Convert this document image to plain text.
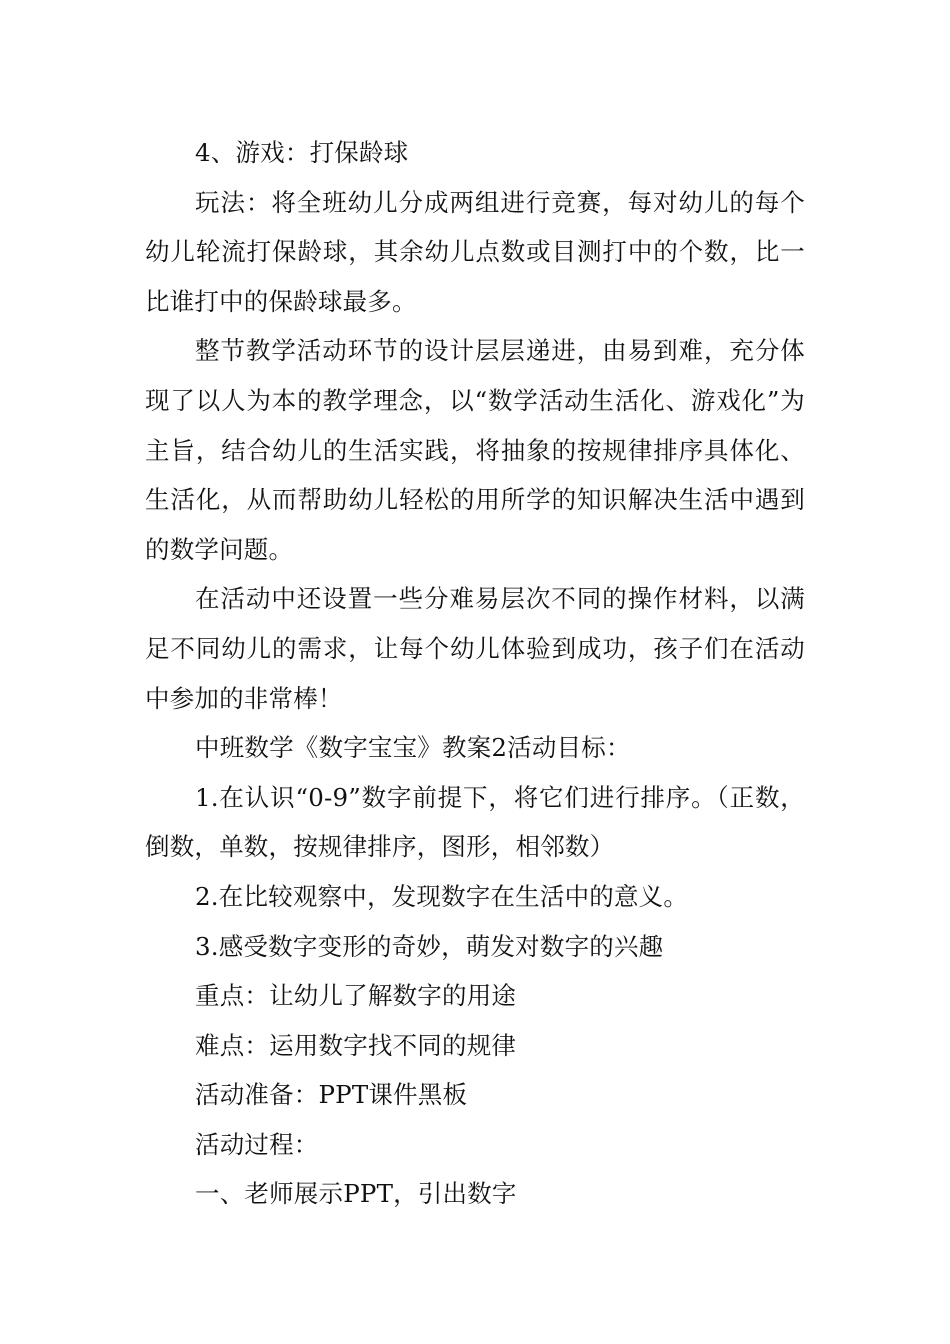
4、游戏：打保龄球

玩法：将全班幼儿分成两组进行竞赛，每对幼儿的每个幼儿轮流打保龄球，其余幼儿点数或目测打中的个数，比一比谁打中的保龄球最多。

整节教学活动环节的设计层层递进，由易到难，充分体现了以人为本的教学理念，以“数学活动生活化、游戏化”为主旨，结合幼儿的生活实践，将抽象的按规律排序具体化、生活化，从而帮助幼儿轻松的用所学的知识解决生活中遇到的数学问题。

在活动中还设置一些分难易层次不同的操作材料，以满足不同幼儿的需求，让每个幼儿体验到成功，孩子们在活动中参加的非常棒！

中班数学《数字宝宝》教案2活动目标：

1.在认识“0-9”数字前提下，将它们进行排序。（正数，倒数，单数，按规律排序，图形，相邻数）

2.在比较观察中，发现数字在生活中的意义。

3.感受数字变形的奇妙，萌发对数字的兴趣

重点：让幼儿了解数字的用途

难点：运用数字找不同的规律

活动准备：PPT课件黑板

活动过程：

一、老师展示PPT，引出数字
